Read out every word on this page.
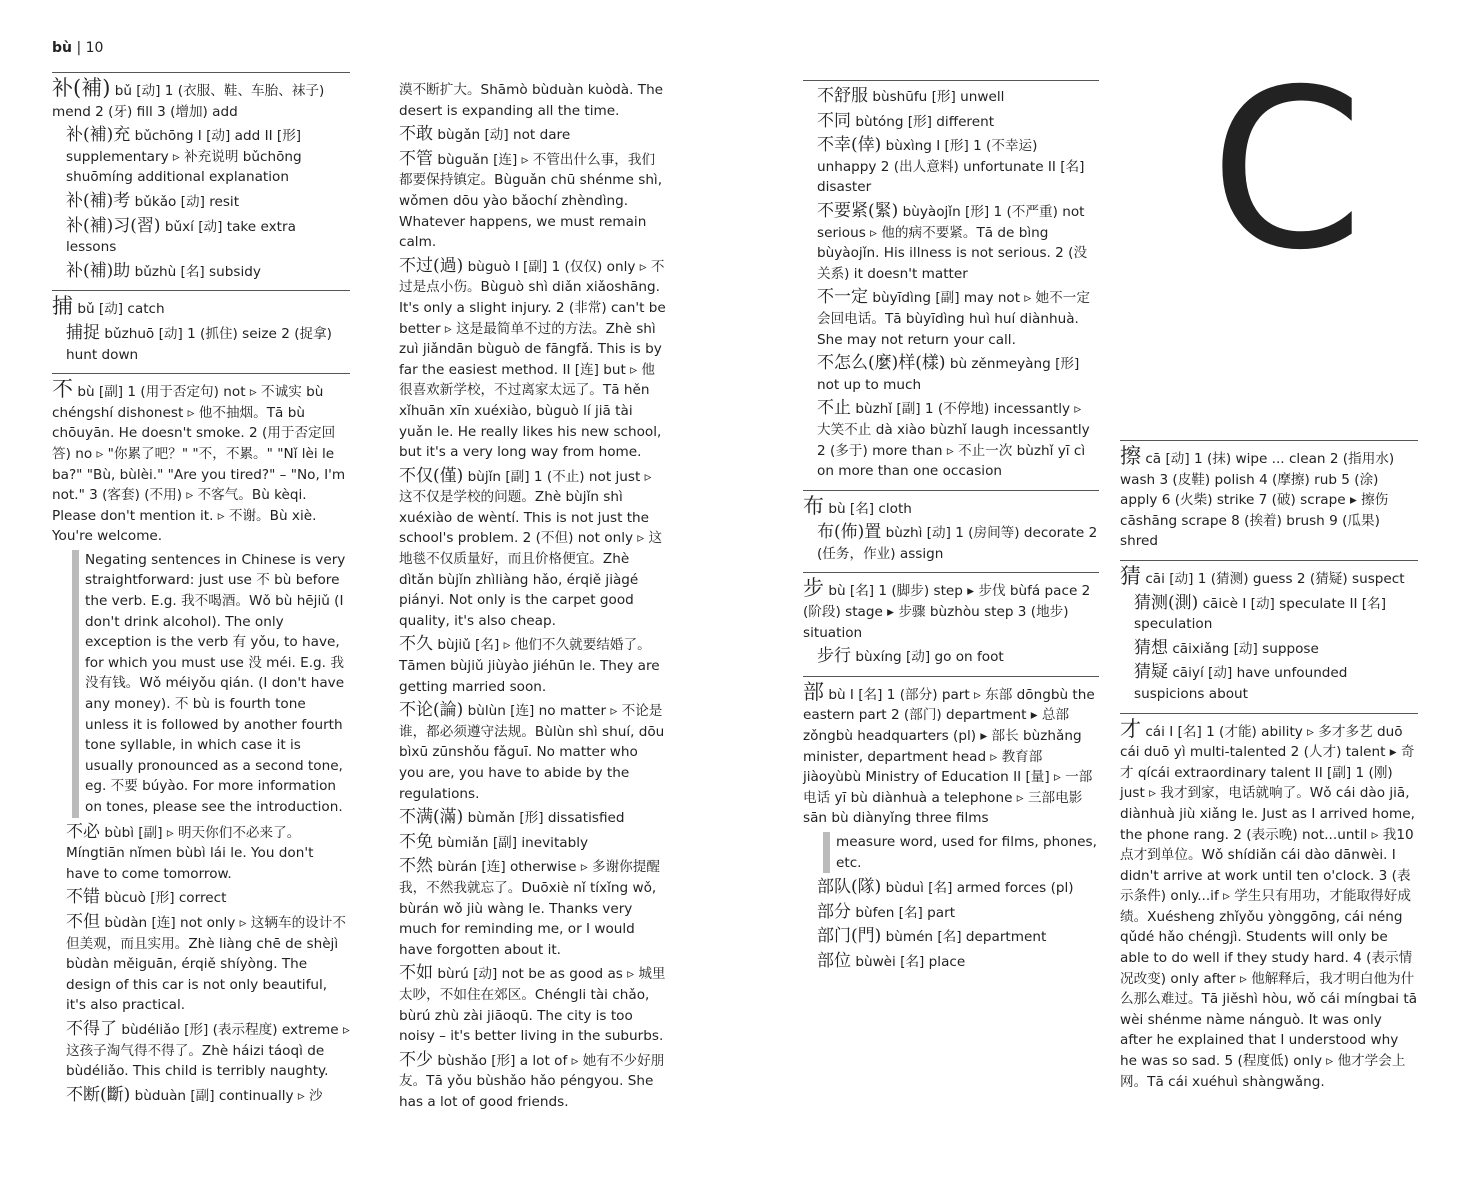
bù | 10
补(補) bǔ [动] 1 (衣服、鞋、车胎、袜子) mend 2 (牙) fill 3 (增加) add
补(補)充 bǔchōng I [动] add II [形] supplementary ▹ 补充说明 bǔchōng shuōmíng additional explanation
补(補)考 bǔkǎo [动] resit
补(補)习(習) bǔxí [动] take extra lessons
补(補)助 bǔzhù [名] subsidy
捕 bǔ [动] catch
捕捉 bǔzhuō [动] 1 (抓住) seize 2 (捉拿) hunt down
不 bù [副] 1 (用于否定句) not ▹ 不诚实 bù chéngshí dishonest ▹ 他不抽烟。Tā bù chōuyān. He doesn't smoke. 2 (用于否定回答) no ▹ "你累了吧？" "不，不累。" "Nǐ lèi le ba?" "Bù, bùlèi." "Are you tired?" – "No, I'm not." 3 (客套) (不用) ▹ 不客气。Bù kèqi. Please don't mention it. ▹ 不谢。Bù xiè. You're welcome.
Negating sentences in Chinese is very straightforward: just use 不 bù before the verb. E.g. 我不喝酒。Wǒ bù hējiǔ (I don't drink alcohol). The only exception is the verb 有 yǒu, to have, for which you must use 没 méi. E.g. 我没有钱。Wǒ méiyǒu qián. (I don't have any money). 不 bù is fourth tone unless it is followed by another fourth tone syllable, in which case it is usually pronounced as a second tone, eg. 不要 búyào. For more information on tones, please see the introduction.
不必 bùbì [副] ▹ 明天你们不必来了。Míngtiān nǐmen bùbì lái le. You don't have to come tomorrow.
不错 bùcuò [形] correct
不但 bùdàn [连] not only ▹ 这辆车的设计不但美观，而且实用。Zhè liàng chē de shèjì bùdàn měiguān, érqiě shíyòng. The design of this car is not only beautiful, it's also practical.
不得了 bùdéliǎo [形] (表示程度) extreme ▹ 这孩子淘气得不得了。Zhè háizi táoqì de bùdéliǎo. This child is terribly naughty.
不断(斷) bùduàn [副] continually ▹ 沙
漠不断扩大。Shāmò bùduàn kuòdà. The desert is expanding all the time.
不敢 bùgǎn [动] not dare
不管 bùguǎn [连] ▹ 不管出什么事，我们都要保持镇定。Bùguǎn chū shénme shì, wǒmen dōu yào bǎochí zhèndìng. Whatever happens, we must remain calm.
不过(過) bùguò I [副] 1 (仅仅) only ▹ 不过是点小伤。Bùguò shì diǎn xiǎoshāng. It's only a slight injury. 2 (非常) can't be better ▹ 这是最简单不过的方法。Zhè shì zuì jiǎndān bùguò de fāngfǎ. This is by far the easiest method. II [连] but ▹ 他很喜欢新学校，不过离家太远了。Tā hěn xǐhuān xīn xuéxiào, bùguò lí jiā tài yuǎn le. He really likes his new school, but it's a very long way from home.
不仅(僅) bùjǐn [副] 1 (不止) not just ▹ 这不仅是学校的问题。Zhè bùjǐn shì xuéxiào de wèntí. This is not just the school's problem. 2 (不但) not only ▹ 这地毯不仅质量好，而且价格便宜。Zhè dìtǎn bùjǐn zhìliàng hǎo, érqiě jiàgé piányi. Not only is the carpet good quality, it's also cheap.
不久 bùjiǔ [名] ▹ 他们不久就要结婚了。Tāmen bùjiǔ jiùyào jiéhūn le. They are getting married soon.
不论(論) bùlùn [连] no matter ▹ 不论是谁，都必须遵守法规。Bùlùn shì shuí, dōu bìxū zūnshǒu fǎguī. No matter who you are, you have to abide by the regulations.
不满(滿) bùmǎn [形] dissatisfied
不免 bùmiǎn [副] inevitably
不然 bùrán [连] otherwise ▹ 多谢你提醒我，不然我就忘了。Duōxiè nǐ tíxǐng wǒ, bùrán wǒ jiù wàng le. Thanks very much for reminding me, or I would have forgotten about it.
不如 bùrú [动] not be as good as ▹ 城里太吵，不如住在郊区。Chéngli tài chǎo, bùrú zhù zài jiāoqū. The city is too noisy – it's better living in the suburbs.
不少 bùshǎo [形] a lot of ▹ 她有不少好朋友。Tā yǒu bùshǎo hǎo péngyou. She has a lot of good friends.
不舒服 bùshūfu [形] unwell
不同 bùtóng [形] different
不幸(倖) bùxìng I [形] 1 (不幸运) unhappy 2 (出人意料) unfortunate II [名] disaster
不要紧(緊) bùyàojǐn [形] 1 (不严重) not serious ▹ 他的病不要紧。Tā de bìng bùyàojǐn. His illness is not serious. 2 (没关系) it doesn't matter
不一定 bùyīdìng [副] may not ▹ 她不一定会回电话。Tā bùyīdìng huì huí diànhuà. She may not return your call.
不怎么(麼)样(樣) bù zěnmeyàng [形] not up to much
不止 bùzhǐ [副] 1 (不停地) incessantly ▹ 大笑不止 dà xiào bùzhǐ laugh incessantly 2 (多于) more than ▹ 不止一次 bùzhǐ yī cì on more than one occasion
布 bù [名] cloth
布(佈)置 bùzhì [动] 1 (房间等) decorate 2 (任务，作业) assign
步 bù [名] 1 (脚步) step ▸ 步伐 bùfá pace 2 (阶段) stage ▸ 步骤 bùzhòu step 3 (地步) situation
步行 bùxíng [动] go on foot
部 bù I [名] 1 (部分) part ▹ 东部 dōngbù the eastern part 2 (部门) department ▸ 总部 zǒngbù headquarters (pl) ▸ 部长 bùzhǎng minister, department head ▹ 教育部 jiàoyùbù Ministry of Education II [量] ▹ 一部电话 yī bù diànhuà a telephone ▹ 三部电影 sān bù diànyǐng three films
measure word, used for films, phones, etc.
部队(隊) bùduì [名] armed forces (pl)
部分 bùfen [名] part
部门(門) bùmén [名] department
部位 bùwèi [名] place
擦 cā [动] 1 (抹) wipe ... clean 2 (指用水) wash 3 (皮鞋) polish 4 (摩擦) rub 5 (涂) apply 6 (火柴) strike 7 (破) scrape ▸ 擦伤 cāshāng scrape 8 (挨着) brush 9 (瓜果) shred
猜 cāi [动] 1 (猜测) guess 2 (猜疑) suspect
猜测(測) cāicè I [动] speculate II [名] speculation
猜想 cāixiǎng [动] suppose
猜疑 cāiyí [动] have unfounded suspicions about
才 cái I [名] 1 (才能) ability ▹ 多才多艺 duō cái duō yì multi-talented 2 (人才) talent ▸ 奇才 qícái extraordinary talent II [副] 1 (刚) just ▹ 我才到家，电话就响了。Wǒ cái dào jiā, diànhuà jiù xiǎng le. Just as I arrived home, the phone rang. 2 (表示晚) not...until ▹ 我10点才到单位。Wǒ shídiǎn cái dào dānwèi. I didn't arrive at work until ten o'clock. 3 (表示条件) only...if ▹ 学生只有用功，才能取得好成绩。Xuésheng zhǐyǒu yònggōng, cái néng qǔdé hǎo chéngjì. Students will only be able to do well if they study hard. 4 (表示情况改变) only after ▹ 他解释后，我才明白他为什么那么难过。Tā jiěshì hòu, wǒ cái míngbai tā wèi shénme nàme nánguò. It was only after he explained that I understood why he was so sad. 5 (程度低) only ▹ 他才学会上网。Tā cái xuéhuì shàngwǎng.
C
